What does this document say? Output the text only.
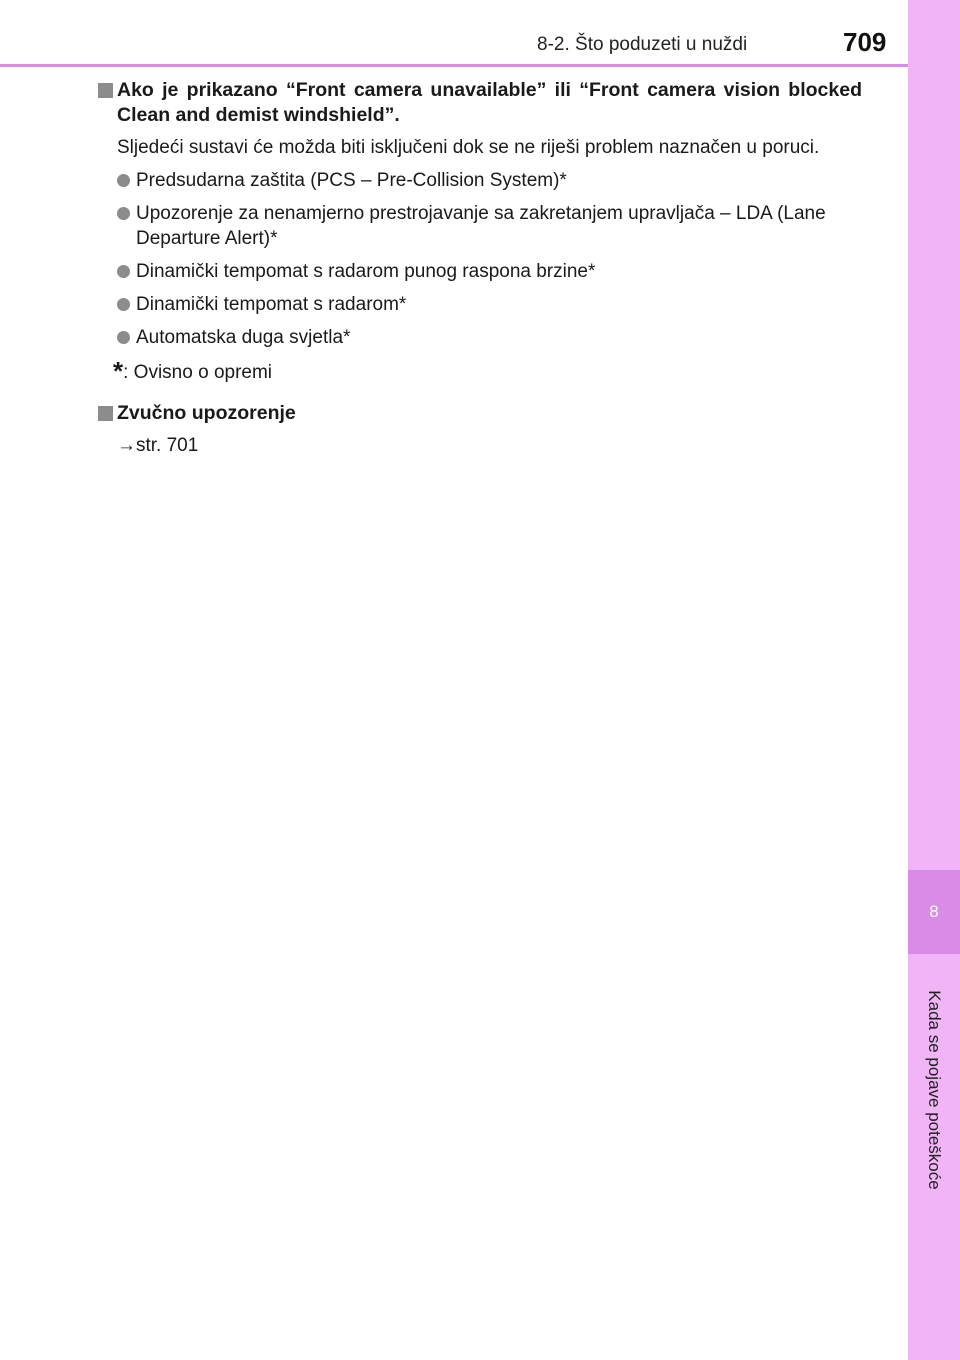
8
Kada se pojave poteškoće
8-2. Što poduzeti u nuždi	709
Ako je prikazano “Front camera unavailable” ili “Front camera vision blocked Clean and demist windshield”.
Sljedeći sustavi će možda biti isključeni dok se ne riješi problem naznačen u poruci.
Predsudarna zaštita (PCS – Pre-Collision System)*
Upozorenje za nenamjerno prestrojavanje sa zakretanjem upravljača – LDA (Lane Departure Alert)*
Dinamički tempomat s radarom punog raspona brzine*
Dinamički tempomat s radarom*
Automatska duga svjetla*
*: Ovisno o opremi
Zvučno upozorenje
→str. 701
